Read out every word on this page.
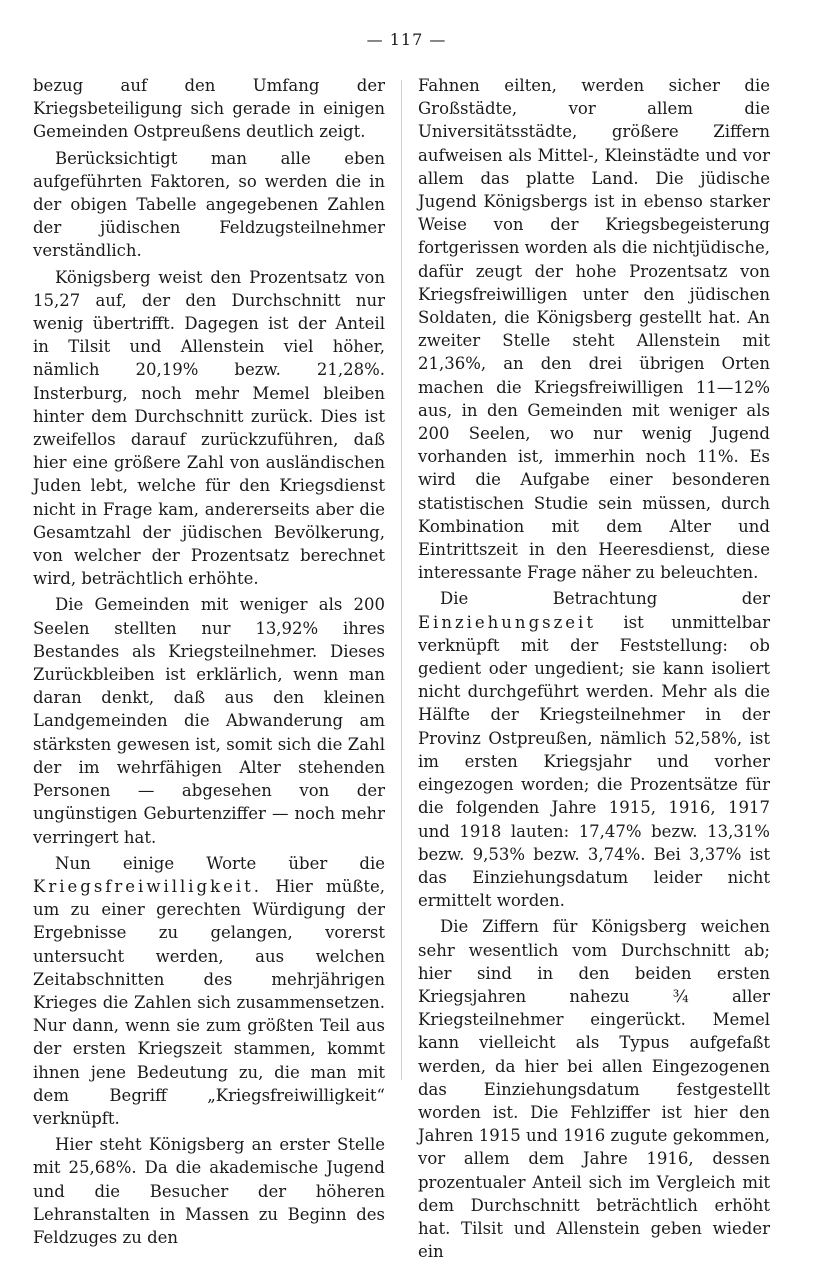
— 117 —

bezug auf den Umfang der Kriegsbeteiligung sich gerade in einigen Gemeinden Ostpreußens deutlich zeigt.

Berücksichtigt man alle eben aufgeführten Faktoren, so werden die in der obigen Tabelle angegebenen Zahlen der jüdischen Feldzugsteilnehmer verständlich.

Königsberg weist den Prozentsatz von 15,27 auf, der den Durchschnitt nur wenig übertrifft. Dagegen ist der Anteil in Tilsit und Allenstein viel höher, nämlich 20,19% bezw. 21,28%. Insterburg, noch mehr Memel bleiben hinter dem Durchschnitt zurück. Dies ist zweifellos darauf zurückzuführen, daß hier eine größere Zahl von ausländischen Juden lebt, welche für den Kriegsdienst nicht in Frage kam, andererseits aber die Gesamtzahl der jüdischen Bevölkerung, von welcher der Prozentsatz berechnet wird, beträchtlich erhöhte.

Die Gemeinden mit weniger als 200 Seelen stellten nur 13,92% ihres Bestandes als Kriegsteilnehmer. Dieses Zurückbleiben ist erklärlich, wenn man daran denkt, daß aus den kleinen Landgemeinden die Abwanderung am stärksten gewesen ist, somit sich die Zahl der im wehrfähigen Alter stehenden Personen — abgesehen von der ungünstigen Geburtenziffer — noch mehr verringert hat.

Nun einige Worte über die Kriegsfreiwilligkeit. Hier müßte, um zu einer gerechten Würdigung der Ergebnisse zu gelangen, vorerst untersucht werden, aus welchen Zeitabschnitten des mehrjährigen Krieges die Zahlen sich zusammensetzen. Nur dann, wenn sie zum größten Teil aus der ersten Kriegszeit stammen, kommt ihnen jene Bedeutung zu, die man mit dem Begriff „Kriegsfreiwilligkeit“ verknüpft.

Hier steht Königsberg an erster Stelle mit 25,68%. Da die akademische Jugend und die Besucher der höheren Lehranstalten in Massen zu Beginn des Feldzuges zu den

Fahnen eilten, werden sicher die Großstädte, vor allem die Universitätsstädte, größere Ziffern aufweisen als Mittel-, Kleinstädte und vor allem das platte Land. Die jüdische Jugend Königsbergs ist in ebenso starker Weise von der Kriegsbegeisterung fortgerissen worden als die nichtjüdische, dafür zeugt der hohe Prozentsatz von Kriegsfreiwilligen unter den jüdischen Soldaten, die Königsberg gestellt hat. An zweiter Stelle steht Allenstein mit 21,36%, an den drei übrigen Orten machen die Kriegsfreiwilligen 11—12% aus, in den Gemeinden mit weniger als 200 Seelen, wo nur wenig Jugend vorhanden ist, immerhin noch 11%. Es wird die Aufgabe einer besonderen statistischen Studie sein müssen, durch Kombination mit dem Alter und Eintrittszeit in den Heeresdienst, diese interessante Frage näher zu beleuchten.

Die Betrachtung der Einziehungszeit ist unmittelbar verknüpft mit der Feststellung: ob gedient oder ungedient; sie kann isoliert nicht durchgeführt werden. Mehr als die Hälfte der Kriegsteilnehmer in der Provinz Ostpreußen, nämlich 52,58%, ist im ersten Kriegsjahr und vorher eingezogen worden; die Prozentsätze für die folgenden Jahre 1915, 1916, 1917 und 1918 lauten: 17,47% bezw. 13,31% bezw. 9,53% bezw. 3,74%. Bei 3,37% ist das Einziehungsdatum leider nicht ermittelt worden.

Die Ziffern für Königsberg weichen sehr wesentlich vom Durchschnitt ab; hier sind in den beiden ersten Kriegsjahren nahezu ¾ aller Kriegsteilnehmer eingerückt. Memel kann vielleicht als Typus aufgefaßt werden, da hier bei allen Eingezogenen das Einziehungsdatum festgestellt worden ist. Die Fehlziffer ist hier den Jahren 1915 und 1916 zugute gekommen, vor allem dem Jahre 1916, dessen prozentualer Anteil sich im Vergleich mit dem Durchschnitt beträchtlich erhöht hat. Tilsit und Allenstein geben wieder ein
